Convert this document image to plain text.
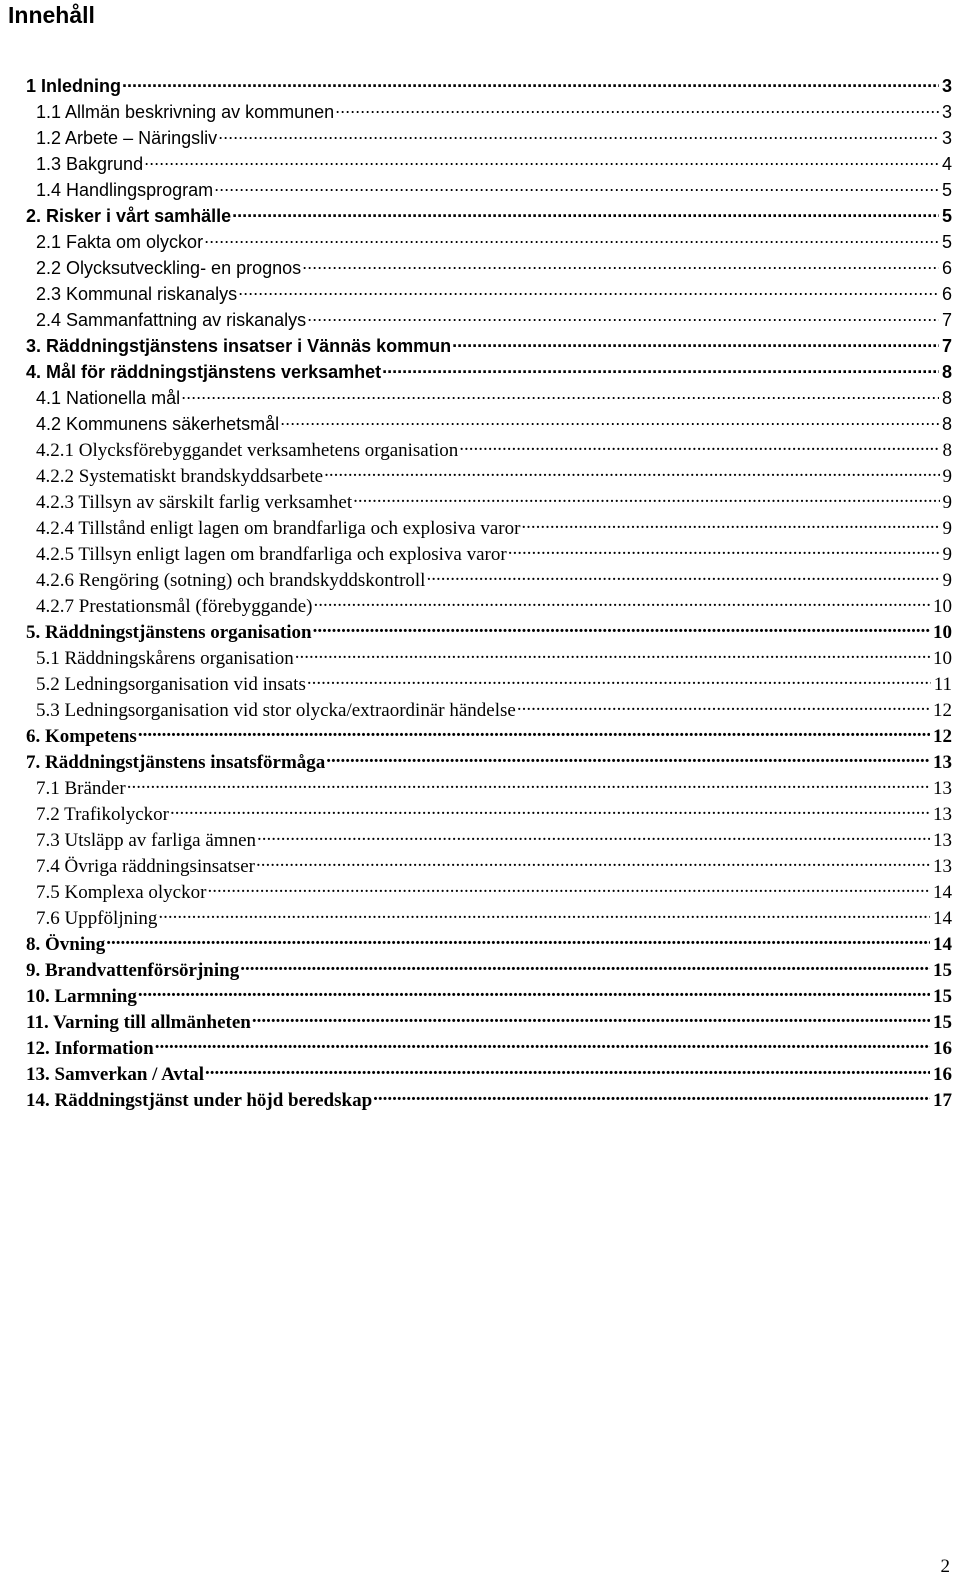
Innehåll
1 Inledning .....	3
1.1 Allmän beskrivning av kommunen .....	3
1.2 Arbete – Näringsliv .....	3
1.3 Bakgrund .....	4
1.4 Handlingsprogram .....	5
2. Risker i vårt samhälle .....	5
2.1 Fakta om olyckor .....	5
2.2 Olycksutveckling- en prognos .....	6
2.3 Kommunal riskanalys .....	6
2.4 Sammanfattning av riskanalys .....	7
3. Räddningstjänstens insatser i Vännäs kommun .....	7
4. Mål för räddningstjänstens verksamhet .....	8
4.1 Nationella mål .....	8
4.2 Kommunens säkerhetsmål .....	8
4.2.1 Olycksförebyggandet verksamhetens organisation .....	8
4.2.2 Systematiskt brandskyddsarbete .....	9
4.2.3 Tillsyn av särskilt farlig verksamhet .....	9
4.2.4 Tillstånd enligt lagen om brandfarliga och explosiva varor .....	9
4.2.5 Tillsyn enligt lagen om brandfarliga och explosiva varor .....	9
4.2.6 Rengöring (sotning) och brandskyddskontroll .....	9
4.2.7 Prestationsmål (förebyggande) .....	10
5. Räddningstjänstens organisation .....	10
5.1 Räddningskårens organisation .....	10
5.2 Ledningsorganisation vid insats .....	11
5.3 Ledningsorganisation vid stor olycka/extraordinär händelse .....	12
6. Kompetens .....	12
7. Räddningstjänstens insatsförmåga .....	13
7.1 Bränder .....	13
7.2 Trafikolyckor .....	13
7.3 Utsläpp av farliga ämnen .....	13
7.4 Övriga räddningsinsatser .....	13
7.5 Komplexa olyckor .....	14
7.6 Uppföljning .....	14
8. Övning .....	14
9. Brandvattenförsörjning .....	15
10. Larmning .....	15
11. Varning till allmänheten .....	15
12. Information .....	16
13. Samverkan / Avtal .....	16
14. Räddningstjänst under höjd beredskap .....	17
2
